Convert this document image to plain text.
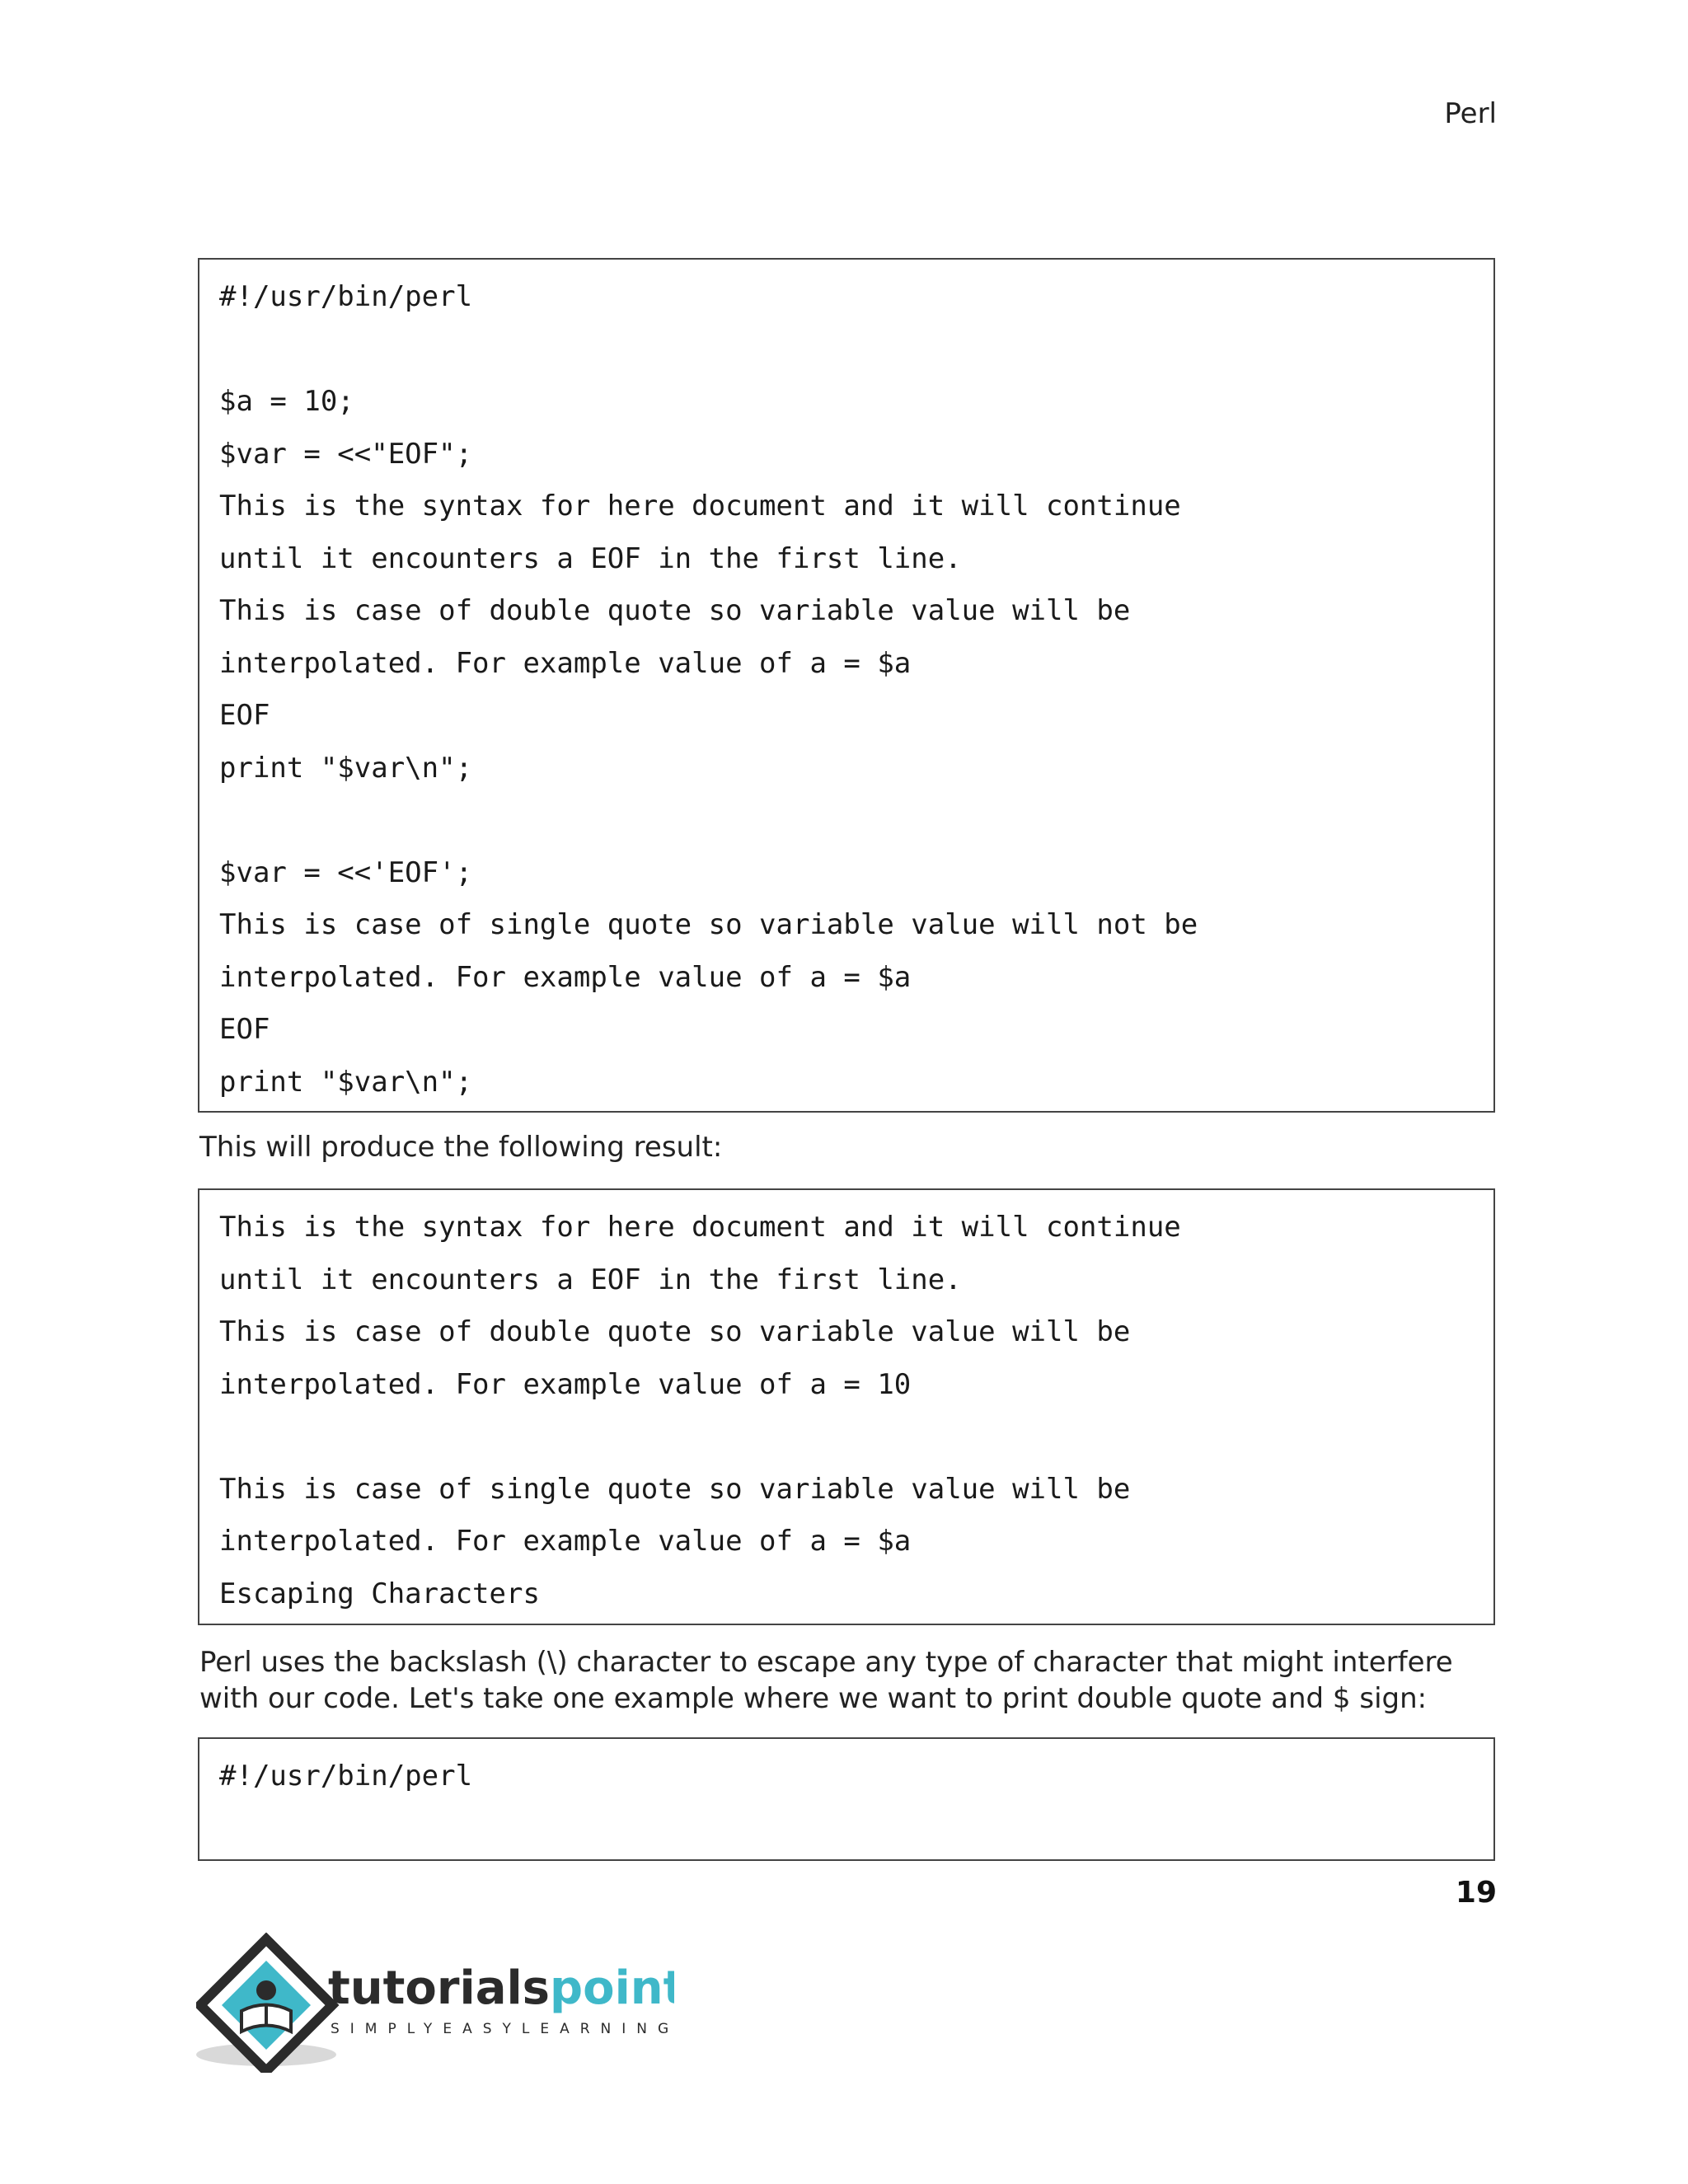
Perl
#!/usr/bin/perl
$a = 10;
$var = <<"EOF";
This is the syntax for here document and it will continue
until it encounters a EOF in the first line.
This is case of double quote so variable value will be
interpolated. For example value of a = $a
EOF
print "$var\n";
$var = <<'EOF';
This is case of single quote so variable value will not be
interpolated. For example value of a = $a
EOF
print "$var\n";
This will produce the following result:
This is the syntax for here document and it will continue
until it encounters a EOF in the first line.
This is case of double quote so variable value will be
interpolated. For example value of a = 10
This is case of single quote so variable value will be
interpolated. For example value of a = $a
Escaping Characters
Perl uses the backslash (\) character to escape any type of character that might interfere with our code. Let's take one example where we want to print double quote and $ sign:
#!/usr/bin/perl
19
tutorialspoint
SIMPLYEASYLEARNING
